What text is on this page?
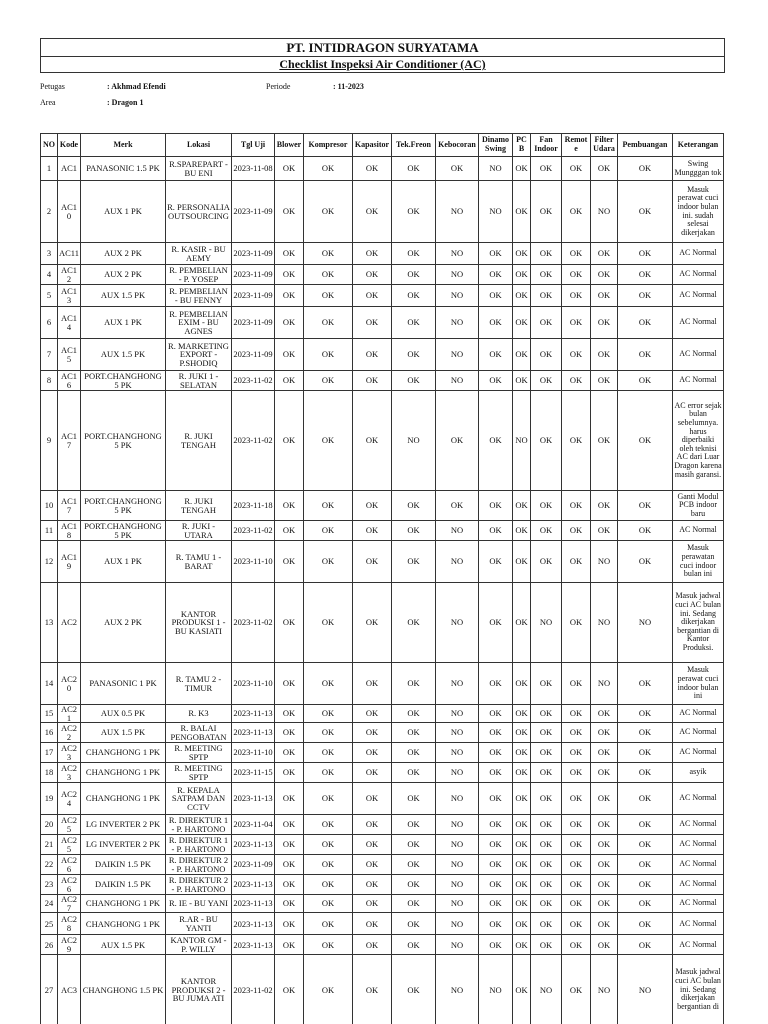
PT. INTIDRAGON SURYATAMA
Checklist Inspeksi Air Conditioner (AC)
Petugas	: Akhmad Efendi	Periode	: 11-2023
Area	: Dragon 1
NO	Kode	Merk	Lokasi	Tgl Uji	Blower	Kompresor	Kapasitor	Tek.Freon	Kebocoran	Dinamo Swing	PCB	Fan Indoor	Remote	Filter Udara	Pembuangan	Keterangan
1	AC1	PANASONIC 1.5 PK	R.SPAREPART - BU ENI	2023-11-08	OK	OK	OK	OK	OK	NO	OK	OK	OK	OK	OK	Swing Mungggan tok
2	AC10	AUX 1 PK	R. PERSONALIA OUTSOURCING	2023-11-09	OK	OK	OK	OK	NO	NO	OK	OK	OK	NO	OK	Masuk perawat cuci indoor bulan ini. sudah selesai dikerjakan
3	AC11	AUX 2 PK	R. KASIR - BU AEMY	2023-11-09	OK	OK	OK	OK	NO	OK	OK	OK	OK	OK	OK	AC Normal
4	AC12	AUX 2 PK	R. PEMBELIAN - P. YOSEP	2023-11-09	OK	OK	OK	OK	NO	OK	OK	OK	OK	OK	OK	AC Normal
5	AC13	AUX 1.5 PK	R. PEMBELIAN - BU FENNY	2023-11-09	OK	OK	OK	OK	NO	OK	OK	OK	OK	OK	OK	AC Normal
6	AC14	AUX 1 PK	R. PEMBELIAN EXIM - BU AGNES	2023-11-09	OK	OK	OK	OK	NO	OK	OK	OK	OK	OK	OK	AC Normal
7	AC15	AUX 1.5 PK	R. MARKETING EXPORT - P.SHODIQ	2023-11-09	OK	OK	OK	OK	NO	OK	OK	OK	OK	OK	OK	AC Normal
8	AC16	PORT.CHANGHONG 5 PK	R. JUKI 1 - SELATAN	2023-11-02	OK	OK	OK	OK	NO	OK	OK	OK	OK	OK	OK	AC Normal
9	AC17	PORT.CHANGHONG 5 PK	R. JUKI TENGAH	2023-11-02	OK	OK	OK	NO	OK	OK	NO	OK	OK	OK	OK	AC error sejak bulan sebelumnya. harus diperbaiki oleh teknisi AC dari Luar Dragon karena masih garansi.
10	AC17	PORT.CHANGHONG 5 PK	R. JUKI TENGAH	2023-11-18	OK	OK	OK	OK	OK	OK	OK	OK	OK	OK	OK	Ganti Modul PCB indoor baru
11	AC18	PORT.CHANGHONG 5 PK	R. JUKI - UTARA	2023-11-02	OK	OK	OK	OK	NO	OK	OK	OK	OK	OK	OK	AC Normal
12	AC19	AUX 1 PK	R. TAMU 1 - BARAT	2023-11-10	OK	OK	OK	OK	NO	OK	OK	OK	OK	NO	OK	Masuk perawatan cuci indoor bulan ini
13	AC2	AUX 2 PK	KANTOR PRODUKSI 1 - BU KASIATI	2023-11-02	OK	OK	OK	OK	NO	OK	OK	NO	OK	NO	NO	Masuk jadwal cuci AC bulan ini. Sedang dikerjakan bergantian di Kantor Produksi.
14	AC20	PANASONIC 1 PK	R. TAMU 2 - TIMUR	2023-11-10	OK	OK	OK	OK	NO	OK	OK	OK	OK	NO	OK	Masuk perawat cuci indoor bulan ini
15	AC21	AUX 0.5 PK	R. K3	2023-11-13	OK	OK	OK	OK	NO	OK	OK	OK	OK	OK	OK	AC Normal
16	AC22	AUX 1.5 PK	R. BALAI PENGOBATAN	2023-11-13	OK	OK	OK	OK	NO	OK	OK	OK	OK	OK	OK	AC Normal
17	AC23	CHANGHONG 1 PK	R. MEETING SPTP	2023-11-10	OK	OK	OK	OK	NO	OK	OK	OK	OK	OK	OK	AC Normal
18	AC23	CHANGHONG 1 PK	R. MEETING SPTP	2023-11-15	OK	OK	OK	OK	NO	OK	OK	OK	OK	OK	OK	asyik
19	AC24	CHANGHONG 1 PK	R. KEPALA SATPAM DAN CCTV	2023-11-13	OK	OK	OK	OK	NO	OK	OK	OK	OK	OK	OK	AC Normal
20	AC25	LG INVERTER 2 PK	R. DIREKTUR 1 - P. HARTONO	2023-11-04	OK	OK	OK	OK	NO	OK	OK	OK	OK	OK	OK	AC Normal
21	AC25	LG INVERTER 2 PK	R. DIREKTUR 1 - P. HARTONO	2023-11-13	OK	OK	OK	OK	NO	OK	OK	OK	OK	OK	OK	AC Normal
22	AC26	DAIKIN 1.5 PK	R. DIREKTUR 2 - P. HARTONO	2023-11-09	OK	OK	OK	OK	NO	OK	OK	OK	OK	OK	OK	AC Normal
23	AC26	DAIKIN 1.5 PK	R. DIREKTUR 2 - P. HARTONO	2023-11-13	OK	OK	OK	OK	NO	OK	OK	OK	OK	OK	OK	AC Normal
24	AC27	CHANGHONG 1 PK	R. IE - BU YANI	2023-11-13	OK	OK	OK	OK	NO	OK	OK	OK	OK	OK	OK	AC Normal
25	AC28	CHANGHONG 1 PK	R.AR - BU YANTI	2023-11-13	OK	OK	OK	OK	NO	OK	OK	OK	OK	OK	OK	AC Normal
26	AC29	AUX 1.5 PK	KANTOR GM - P. WILLY	2023-11-13	OK	OK	OK	OK	NO	OK	OK	OK	OK	OK	OK	AC Normal
27	AC3	CHANGHONG 1.5 PK	KANTOR PRODUKSI 2 - BU JUMA ATI	2023-11-02	OK	OK	OK	OK	NO	NO	OK	NO	OK	NO	NO	Masuk jadwal cuci AC bulan ini. Sedang dikerjakan bergantian di
